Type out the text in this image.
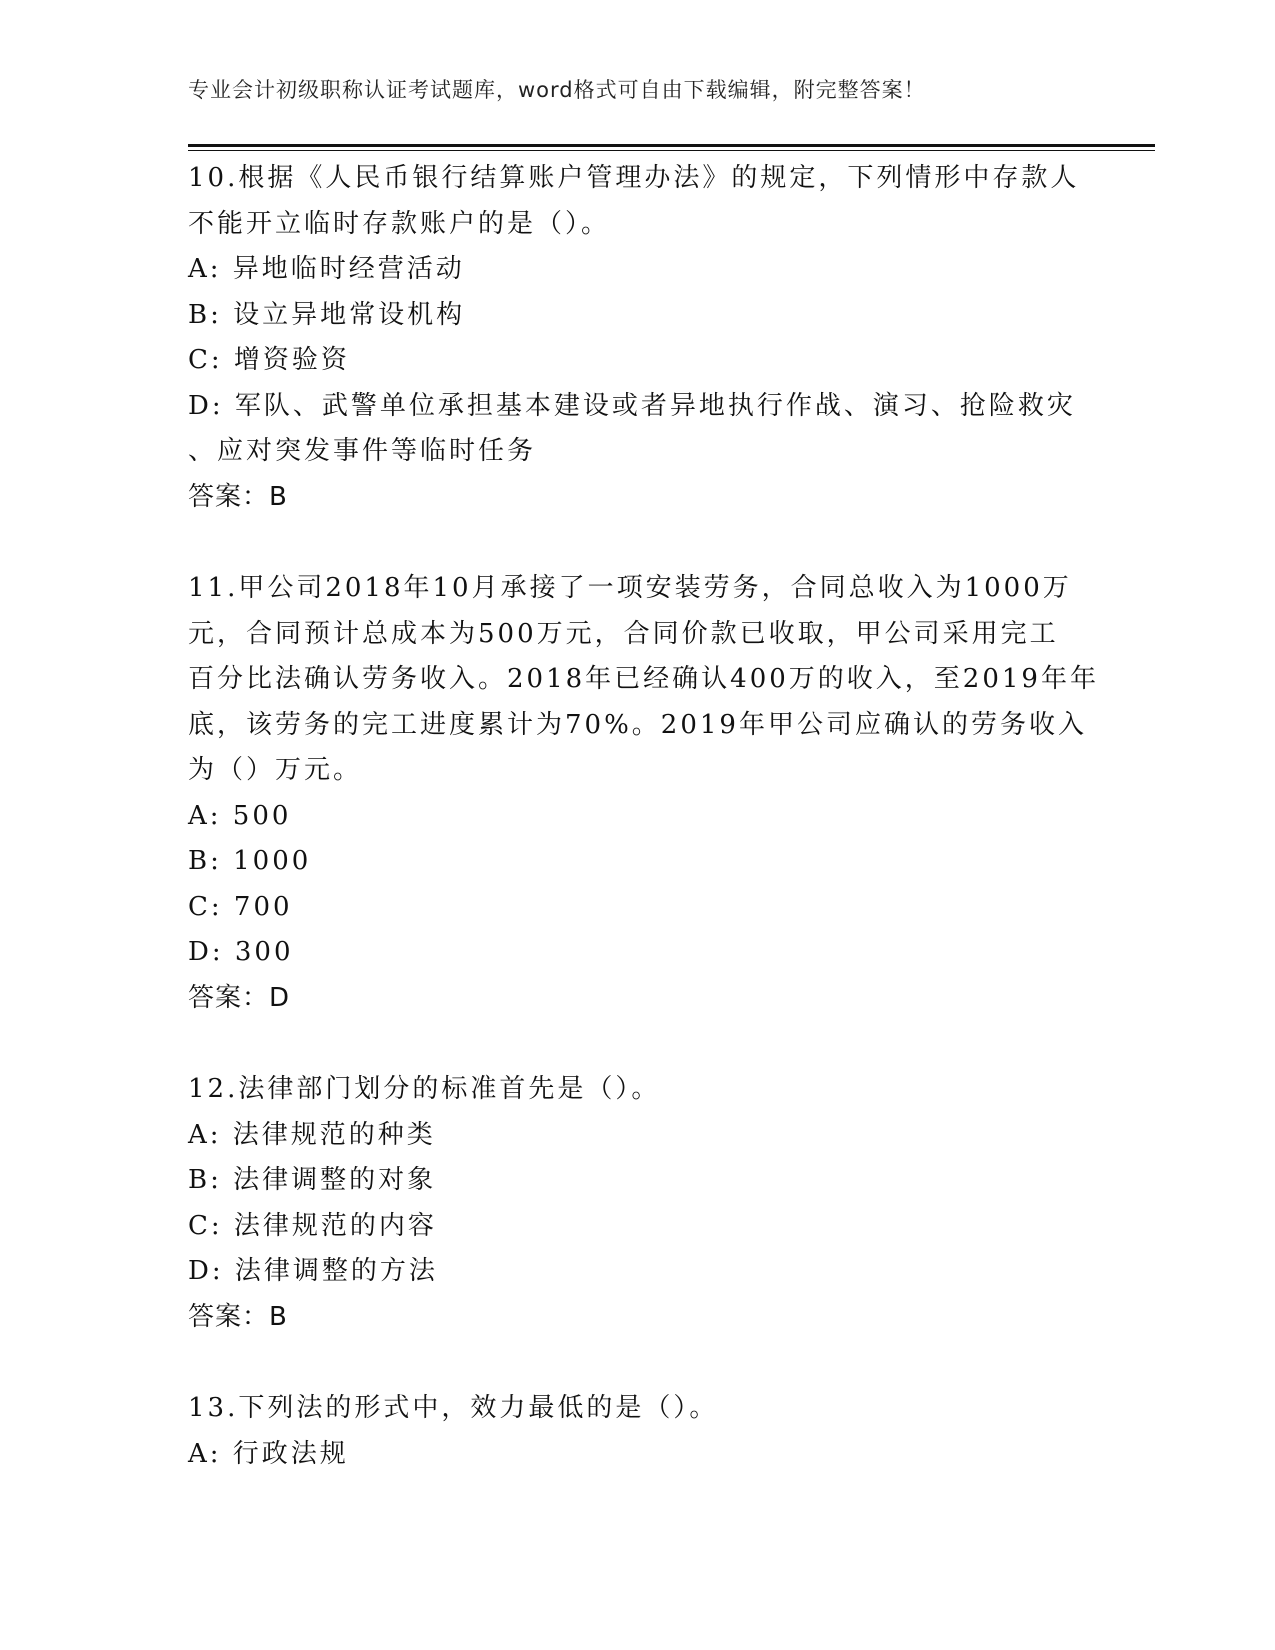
专业会计初级职称认证考试题库，word格式可自由下载编辑，附完整答案！
10.根据《人民币银行结算账户管理办法》的规定，下列情形中存款人
不能开立临时存款账户的是（）。
A: 异地临时经营活动
B: 设立异地常设机构
C: 增资验资
D: 军队、武警单位承担基本建设或者异地执行作战、演习、抢险救灾
、应对突发事件等临时任务
答案：B
11.甲公司2018年10月承接了一项安装劳务，合同总收入为1000万
元，合同预计总成本为500万元，合同价款已收取，甲公司采用完工
百分比法确认劳务收入。2018年已经确认400万的收入，至2019年年
底，该劳务的完工进度累计为70%。2019年甲公司应确认的劳务收入
为（）万元。
A: 500
B: 1000
C: 700
D: 300
答案：D
12.法律部门划分的标准首先是（）。
A: 法律规范的种类
B: 法律调整的对象
C: 法律规范的内容
D: 法律调整的方法
答案：B
13.下列法的形式中，效力最低的是（）。
A: 行政法规
